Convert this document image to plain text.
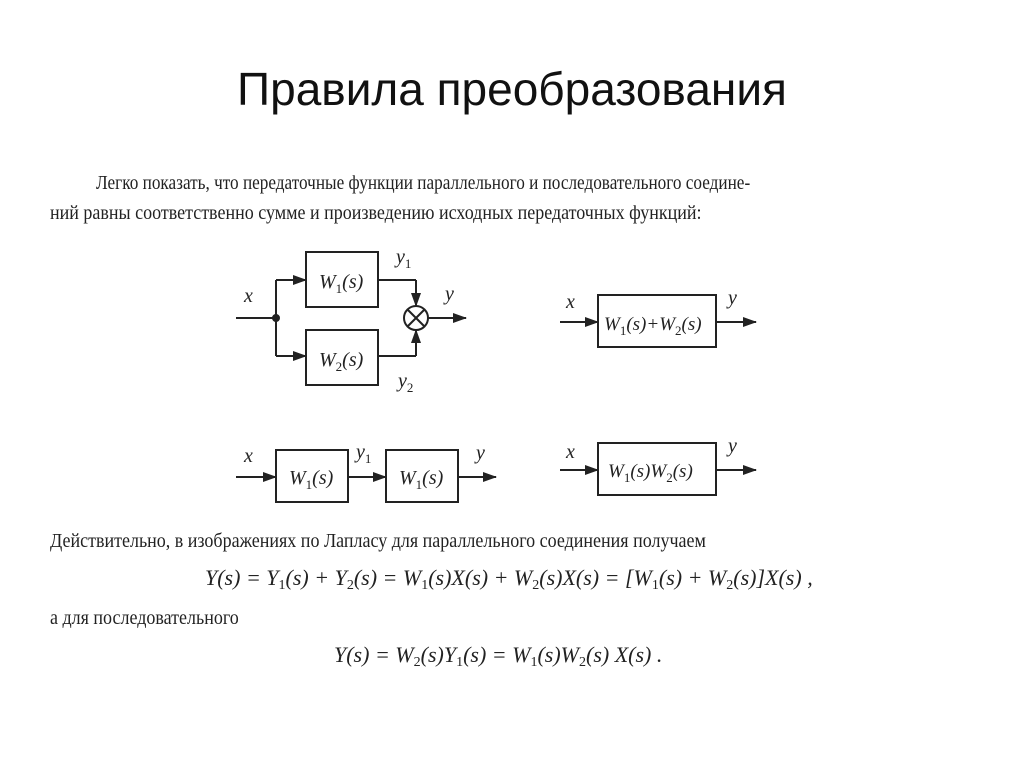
Правила преобразования
Легко показать, что передаточные функции параллельного и последовательного соедине-
ний равны соответственно сумме и произведению исходных передаточных функций:
x	y
$W_1(s)$
$W_2(s)$
$y_1$
$y_2$
x	y
$W_1(s)+W_2(s)$
x	y
$y_1$
$W_1(s)$	$W_1(s)$
x	y
$W_1(s)W_2(s)$
Действительно, в изображениях по Лапласу для параллельного соединения получаем
$Y(s) = Y_1(s) + Y_2(s) = W_1(s)X(s) + W_2(s)X(s) = [W_1(s) + W_2(s)]X(s)$ ,
а для последовательного
$Y(s) = W_2(s)Y_1(s) = W_1(s)W_2(s)$ X(s) .
